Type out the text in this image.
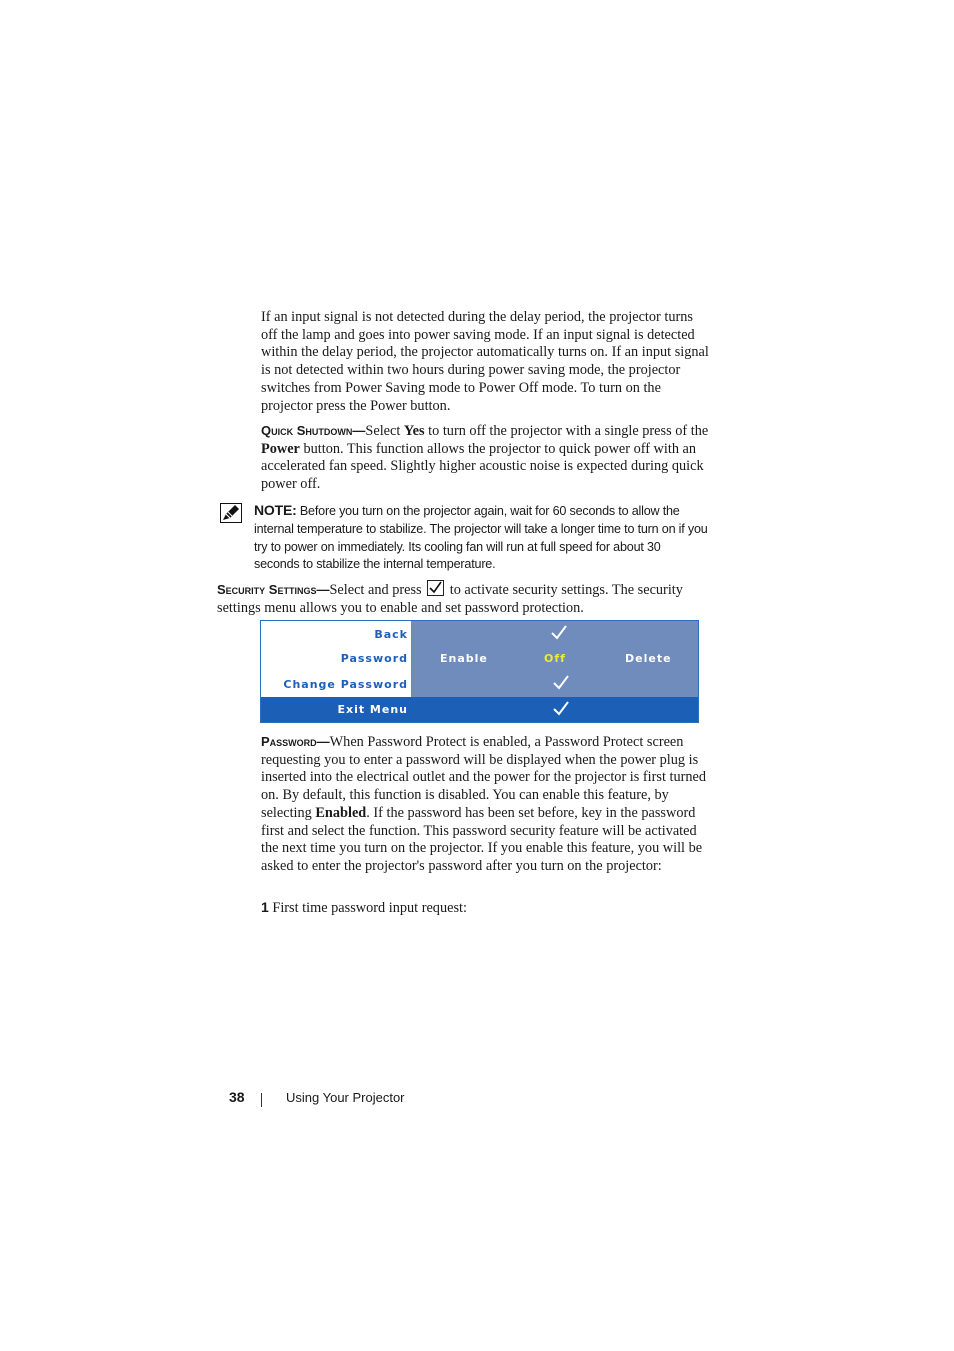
If an input signal is not detected during the delay period, the projector turns off the lamp and goes into power saving mode. If an input signal is detected within the delay period, the projector automatically turns on. If an input signal is not detected within two hours during power saving mode, the projector switches from Power Saving mode to Power Off mode. To turn on the projector press the Power button.

Quick Shutdown—Select Yes to turn off the projector with a single press of the Power button. This function allows the projector to quick power off with an accelerated fan speed. Slightly higher acoustic noise is expected during quick power off.

NOTE: Before you turn on the projector again, wait for 60 seconds to allow the internal temperature to stabilize. The projector will take a longer time to turn on if you try to power on immediately. Its cooling fan will run at full speed for about 30 seconds to stabilize the internal temperature.

Security Settings—Select and press
to activate security settings. The security settings menu allows you to enable and set password protection.

Back
Password	Enable	Off	Delete
Change Password
Exit Menu

Password—When Password Protect is enabled, a Password Protect screen requesting you to enter a password will be displayed when the power plug is inserted into the electrical outlet and the power for the projector is first turned on. By default, this function is disabled. You can enable this feature, by selecting Enabled. If the password has been set before, key in the password first and select the function. This password security feature will be activated the next time you turn on the projector. If you enable this feature, you will be asked to enter the projector's password after you turn on the projector:

1 First time password input request:

38	Using Your Projector
